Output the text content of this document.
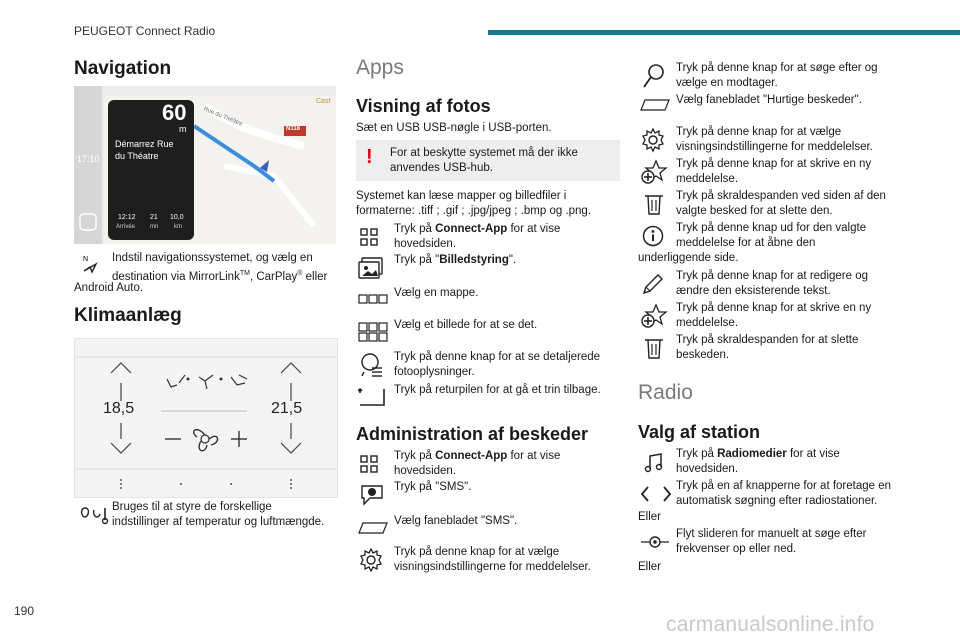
PEUGEOT Connect Radio
Navigation
60
m
Démarrez Rue
du Théatre
17:10
N118
Rue du Théâtre
Cast
12:12
Arrivée
21
mn
10,0
km
N Indstil navigationssystemet, og vælg en
destination via MirrorLink™, CarPlay® eller
Android Auto.
Klimaanlæg
18,5	21,5
Bruges til at styre de forskellige
indstillinger af temperatur og luftmængde.
Apps
Visning af fotos
Sæt en USB USB-nøgle i USB-porten.
! For at beskytte systemet må der ikke
anvendes USB-hub.
Systemet kan læse mapper og billedfiler i
formaterne: .tiff ; .gif ; .jpg/jpeg ; .bmp og .png.
Tryk på Connect-App for at vise
hovedsiden.
Tryk på "Billedstyring".
Vælg en mappe.
Vælg et billede for at se det.
Tryk på denne knap for at se detaljerede
fotooplysninger.
Tryk på returpilen for at gå et trin tilbage.
Administration af beskeder
Tryk på Connect-App for at vise
hovedsiden.
Tryk på "SMS".
Vælg fanebladet "SMS".
Tryk på denne knap for at vælge
visningsindstillingerne for meddelelser.
Tryk på denne knap for at søge efter og
vælge en modtager.
Vælg fanebladet "Hurtige beskeder".
Tryk på denne knap for at vælge
visningsindstillingerne for meddelelser.
Tryk på denne knap for at skrive en ny
meddelelse.
Tryk på skraldespanden ved siden af den
valgte besked for at slette den.
Tryk på denne knap ud for den valgte
meddelelse for at åbne den
underliggende side.
Tryk på denne knap for at redigere og
ændre den eksisterende tekst.
Tryk på denne knap for at skrive en ny
meddelelse.
Tryk på skraldespanden for at slette
beskeden.
Radio
Valg af station
Tryk på Radiomedier for at vise
hovedsiden.
Tryk på en af knapperne for at foretage en
automatisk søgning efter radiostationer.
Eller
Flyt slideren for manuelt at søge efter
frekvenser op eller ned.
Eller
190
carmanualsonline.info
